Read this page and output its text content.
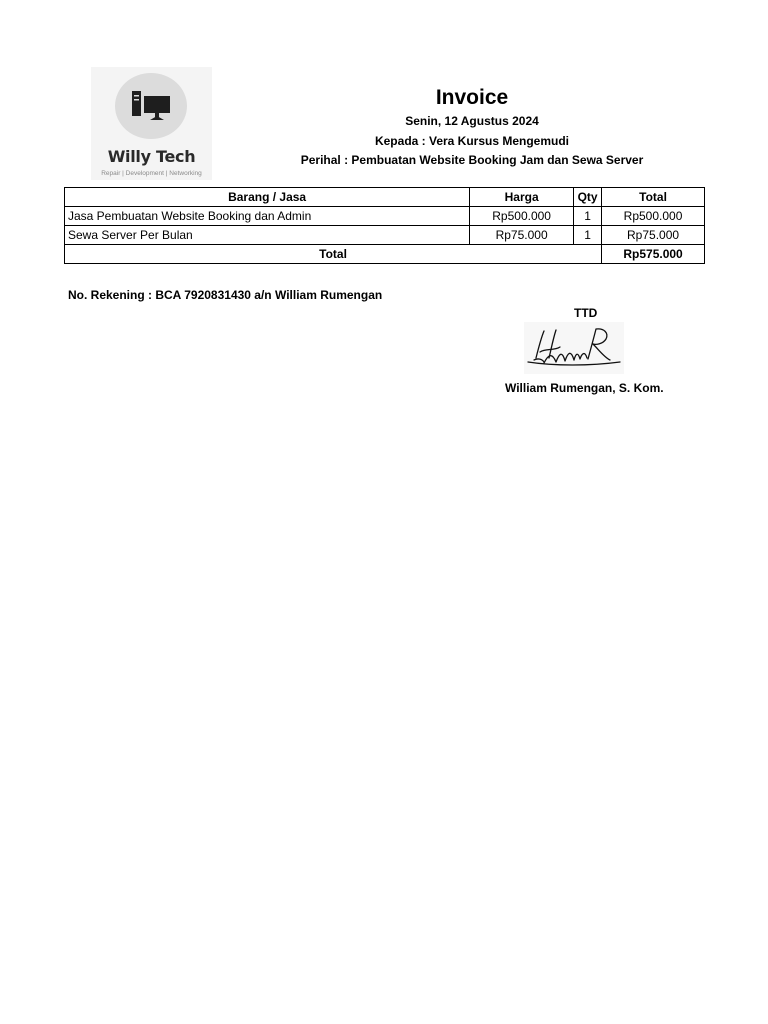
Willy Tech
Repair | Development | Networking
Invoice
Senin, 12 Agustus 2024
Kepada : Vera Kursus Mengemudi
Perihal : Pembuatan Website Booking Jam dan Sewa Server
Barang / Jasa	Harga	Qty	Total
Jasa Pembuatan Website Booking dan Admin	Rp500.000	1	Rp500.000
Sewa Server Per Bulan	Rp75.000	1	Rp75.000
Total			Rp575.000
No. Rekening : BCA 7920831430 a/n William Rumengan
TTD
William Rumengan, S. Kom.
